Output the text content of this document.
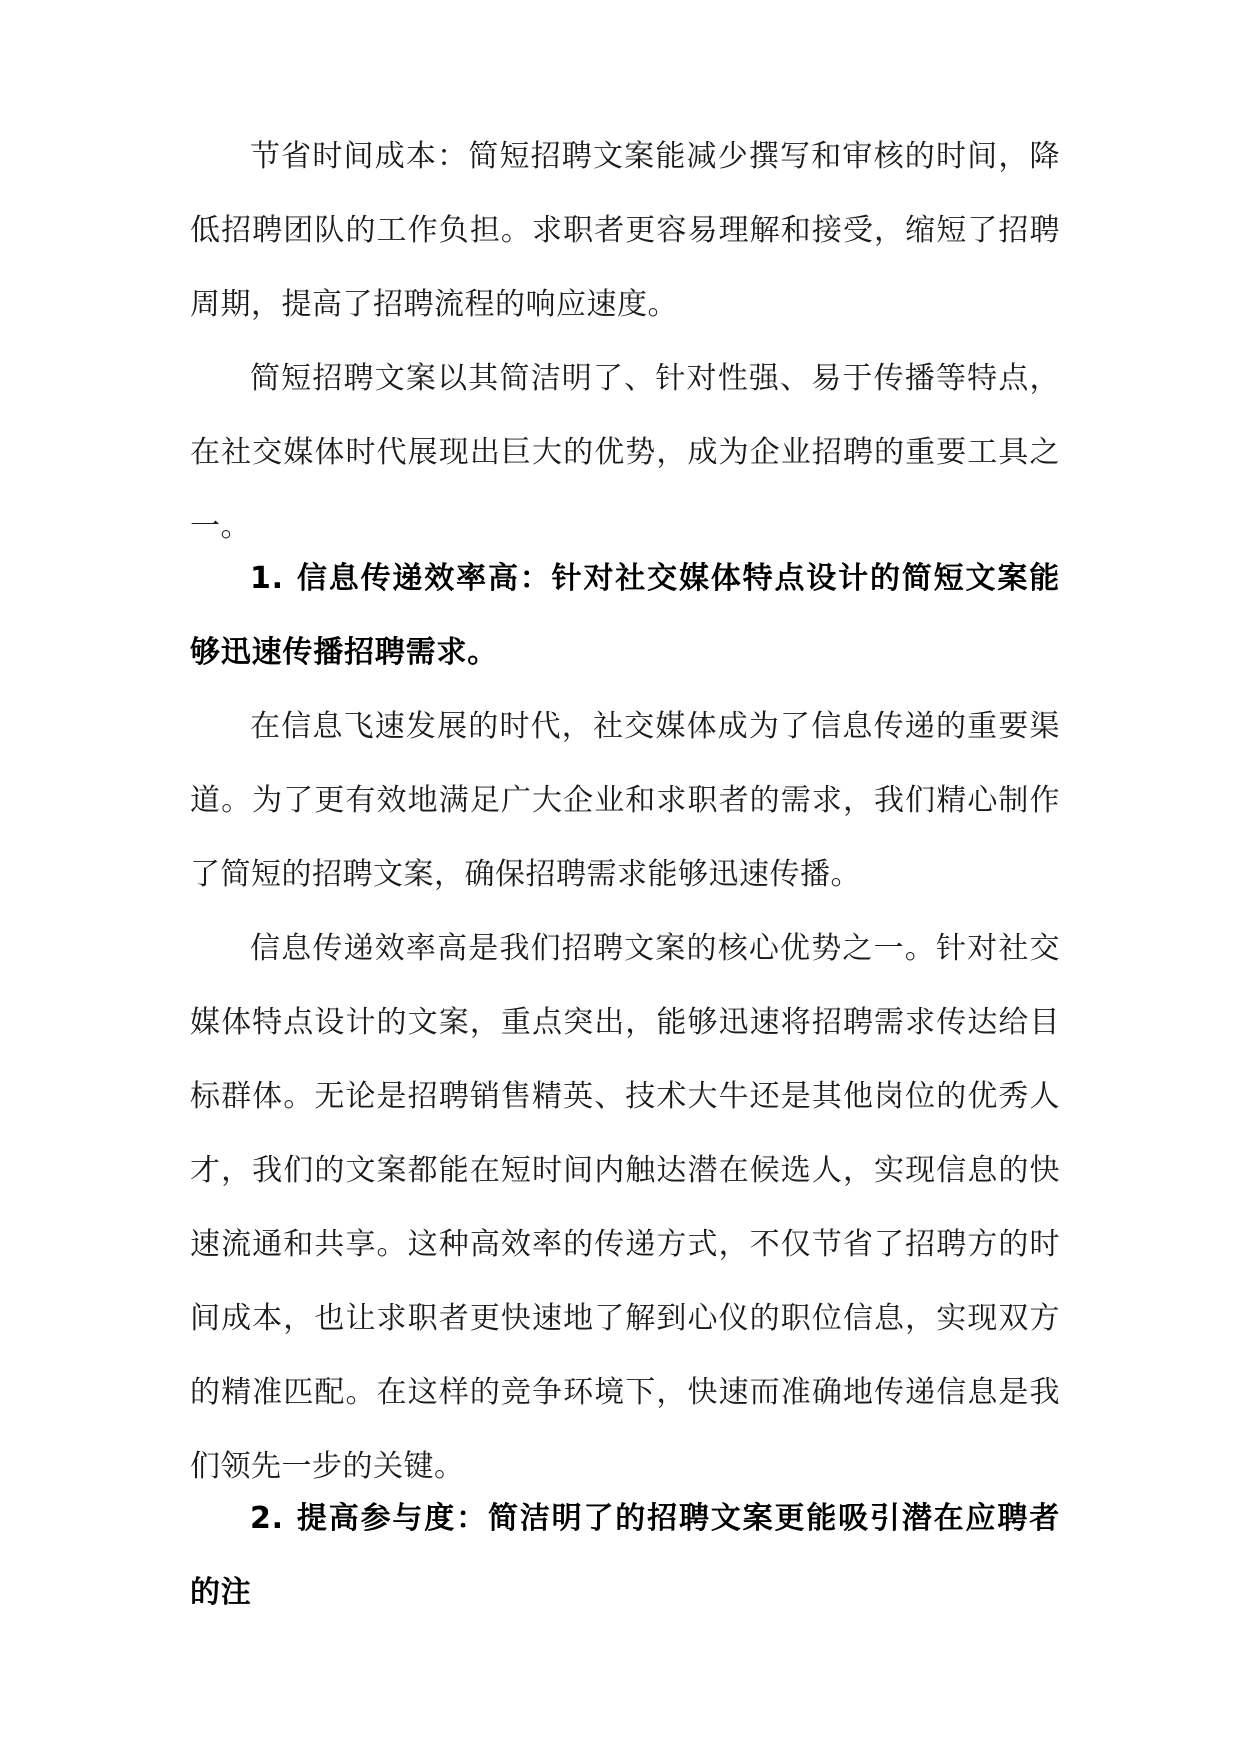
节省时间成本：简短招聘文案能减少撰写和审核的时间，降低招聘团队的工作负担。求职者更容易理解和接受，缩短了招聘周期，提高了招聘流程的响应速度。

简短招聘文案以其简洁明了、针对性强、易于传播等特点，在社交媒体时代展现出巨大的优势，成为企业招聘的重要工具之一。

1. 信息传递效率高：针对社交媒体特点设计的简短文案能够迅速传播招聘需求。

在信息飞速发展的时代，社交媒体成为了信息传递的重要渠道。为了更有效地满足广大企业和求职者的需求，我们精心制作了简短的招聘文案，确保招聘需求能够迅速传播。

信息传递效率高是我们招聘文案的核心优势之一。针对社交媒体特点设计的文案，重点突出，能够迅速将招聘需求传达给目标群体。无论是招聘销售精英、技术大牛还是其他岗位的优秀人才，我们的文案都能在短时间内触达潜在候选人，实现信息的快速流通和共享。这种高效率的传递方式，不仅节省了招聘方的时间成本，也让求职者更快速地了解到心仪的职位信息，实现双方的精准匹配。在这样的竞争环境下，快速而准确地传递信息是我们领先一步的关键。

2. 提高参与度：简洁明了的招聘文案更能吸引潜在应聘者的注
